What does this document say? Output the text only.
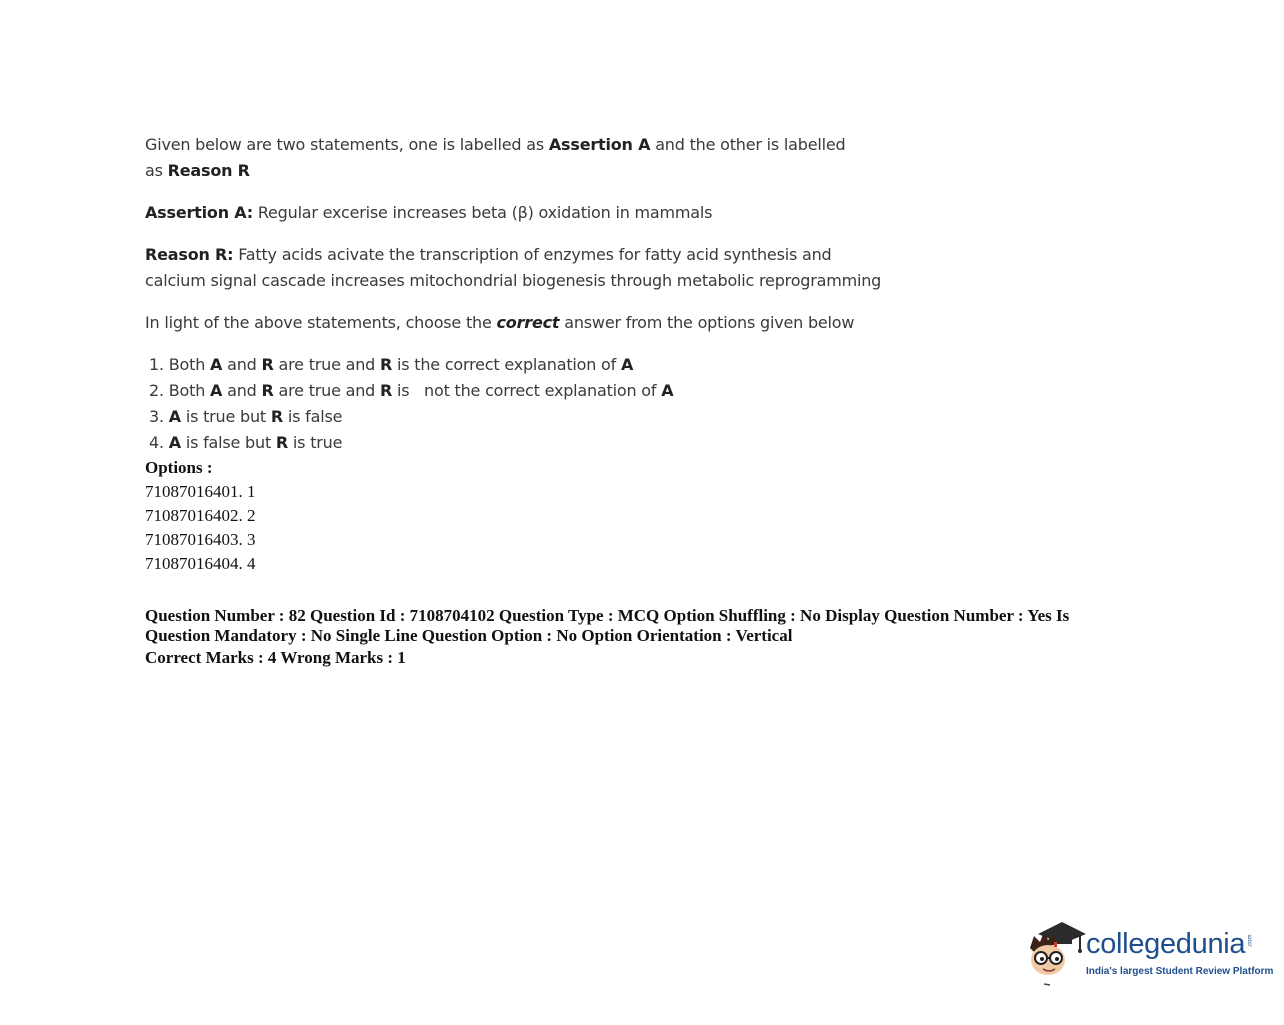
Given below are two statements, one is labelled as Assertion A and the other is labelled as Reason R

Assertion A: Regular excerise increases beta (β) oxidation in mammals

Reason R: Fatty acids acivate the transcription of enzymes for fatty acid synthesis and calcium signal cascade increases mitochondrial biogenesis through metabolic reprogramming

In light of the above statements, choose the correct answer from the options given below

1. Both A and R are true and R is the correct explanation of A
2. Both A and R are true and R is   not the correct explanation of A
3. A is true but R is false
4. A is false but R is true
Options :
71087016401. 1
71087016402. 2
71087016403. 3
71087016404. 4
Question Number : 82 Question Id : 7108704102 Question Type : MCQ Option Shuffling : No Display Question Number : Yes Is Question Mandatory : No Single Line Question Option : No Option Orientation : Vertical
Correct Marks : 4 Wrong Marks : 1
collegedunia .com
India's largest Student Review Platform
